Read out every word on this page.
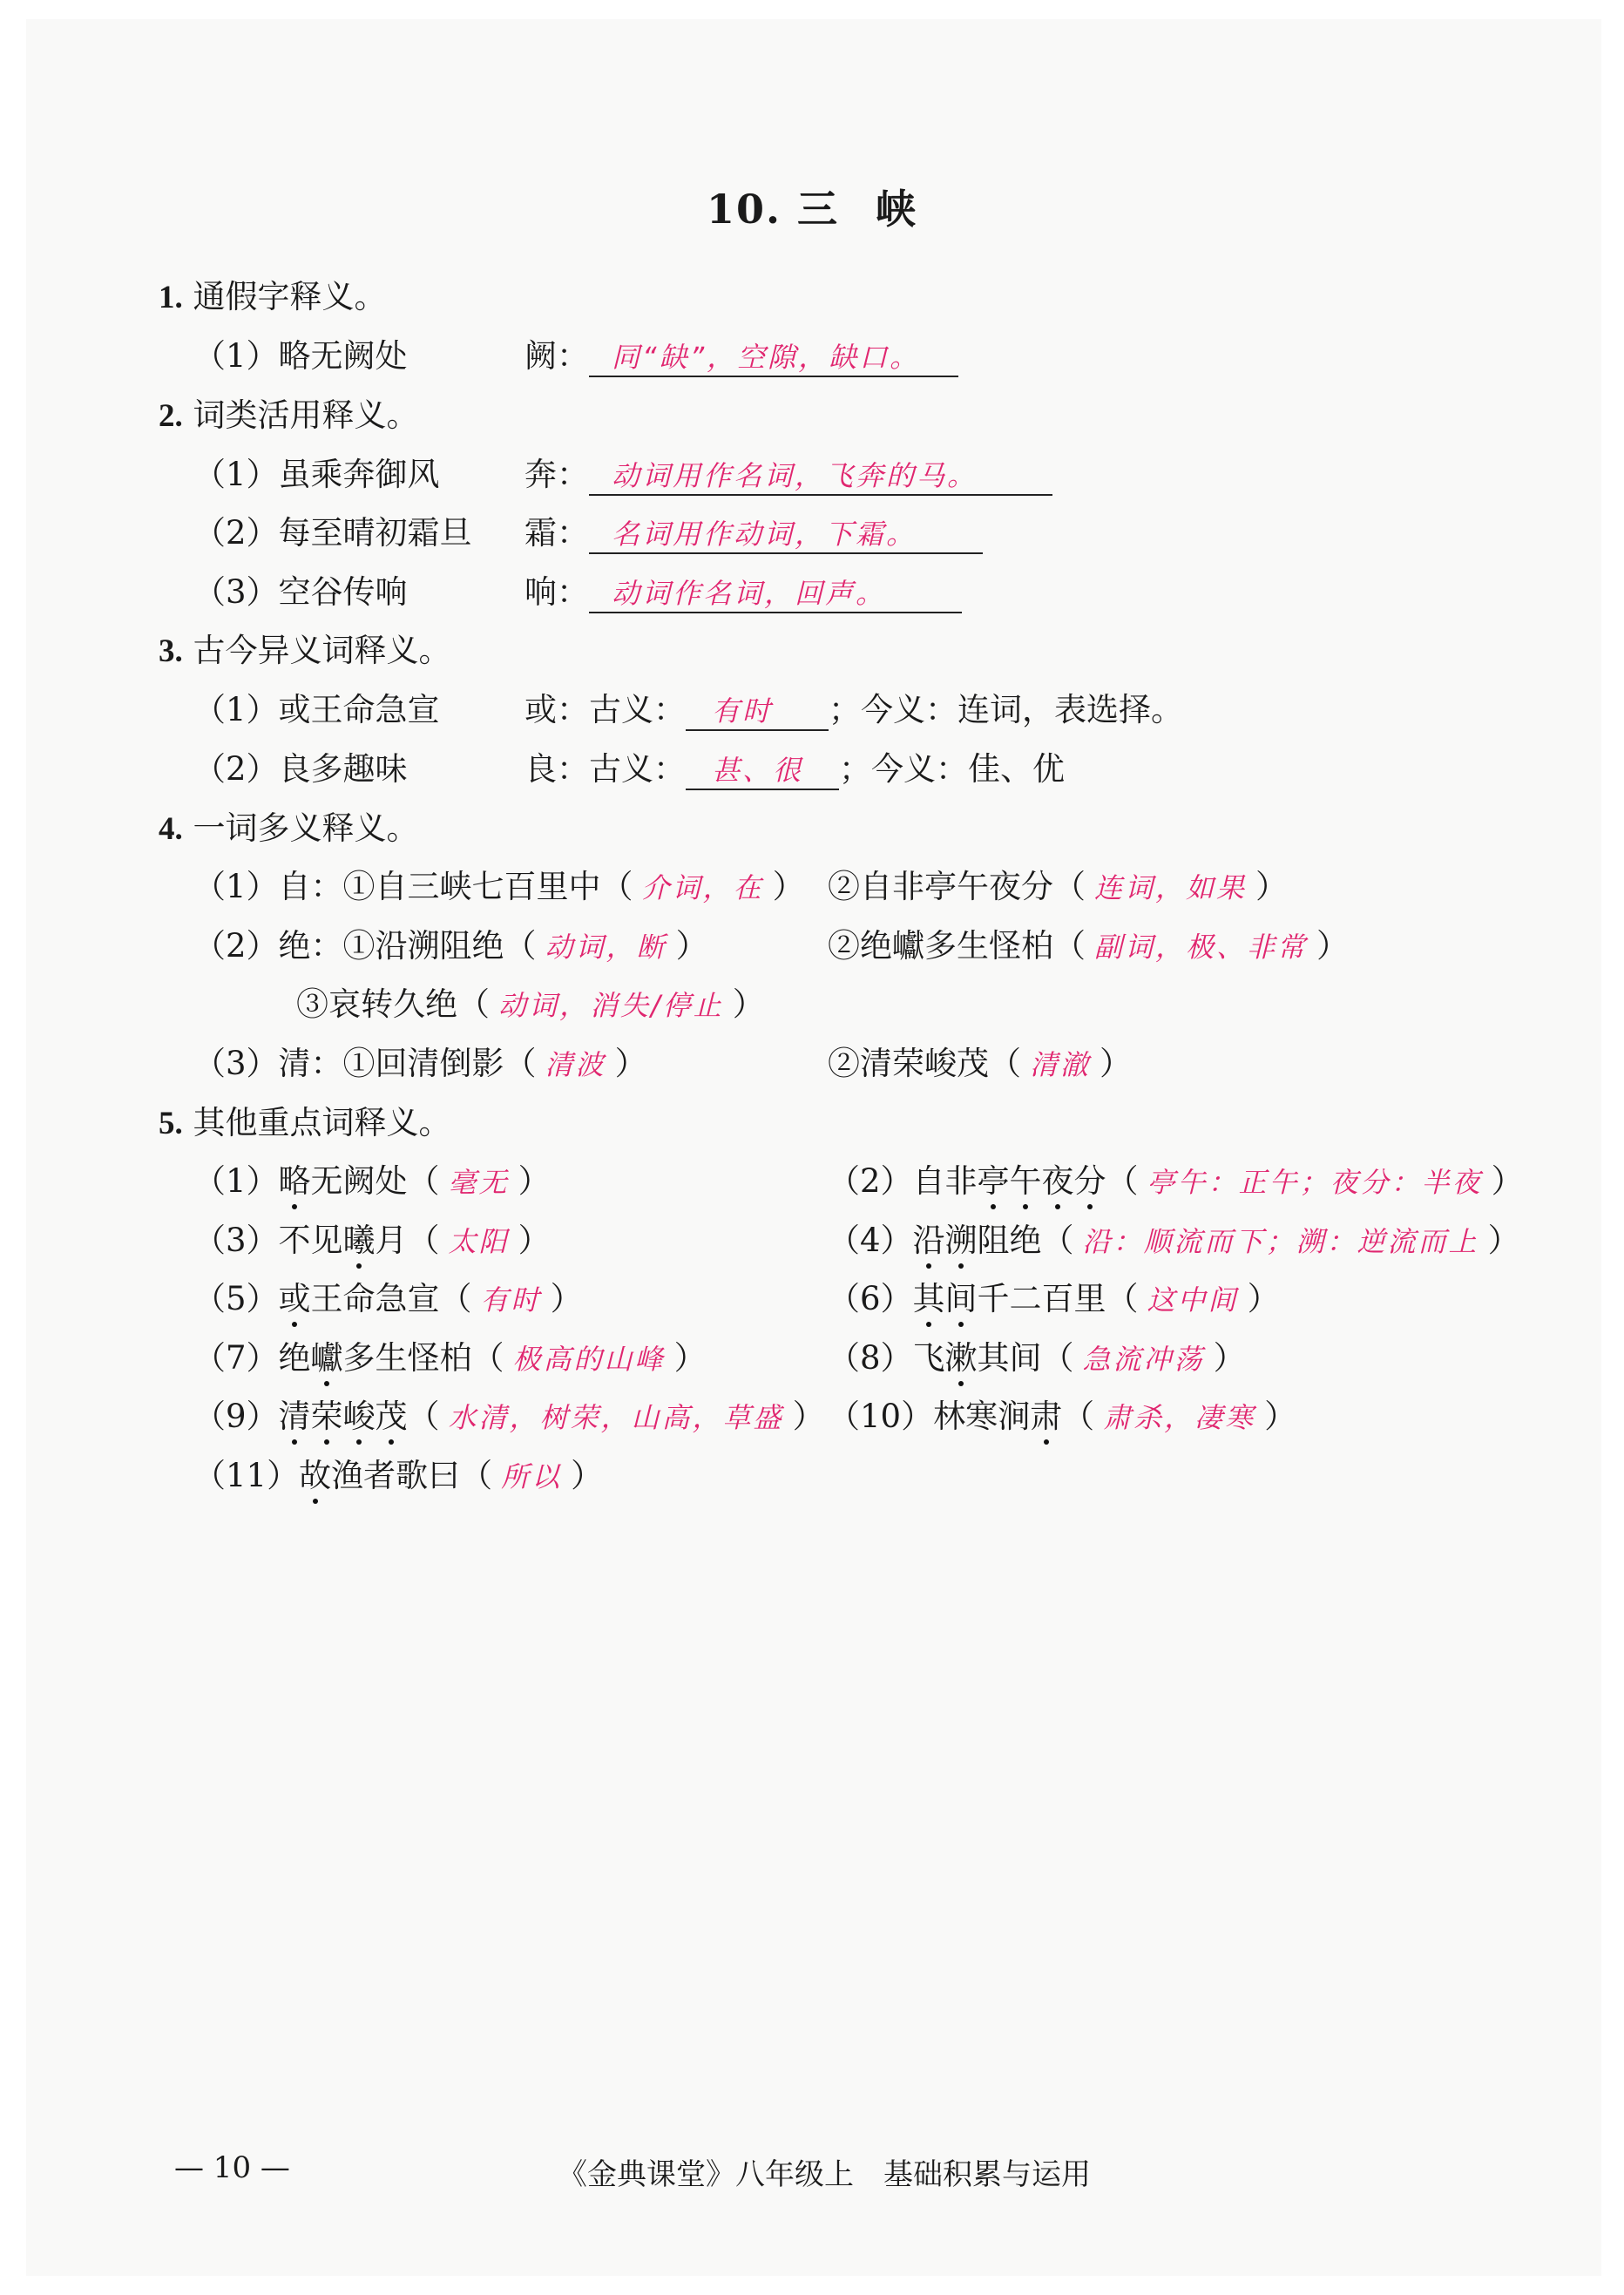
10. 三 峡
1. 通假字释义。
（1）略无阙处	阙： 同“缺”，空隙，缺口。
2. 词类活用释义。
（1）虽乘奔御风	奔： 动词用作名词，飞奔的马。
（2）每至晴初霜旦 霜： 名词用作动词，下霜。
（3）空谷传响	响： 动词作名词，回声。
3. 古今异义词释义。
（1）或王命急宣	或：古义： 有时 ；今义：连词，表选择。
（2）良多趣味	良：古义： 甚、很 ；今义：佳、优
4. 一词多义释义。
（1）自：①自三峡七百里中（ 介词，在 ） ②自非亭午夜分（ 连词，如果 ）
（2）绝：①沿溯阻绝（ 动词，断 ）	②绝巘多生怪柏（ 副词，极、非常 ）
③哀转久绝（ 动词，消失/停止 ）
（3）清：①回清倒影（ 清波 ）	②清荣峻茂（ 清澈 ）
5. 其他重点词释义。
（1）略无阙处（ 毫无 ）	（2）自非亭午夜分（ 亭午：正午；夜分：半夜 ）
（3）不见曦月（ 太阳 ）	（4）沿溯阻绝（ 沿：顺流而下；溯：逆流而上 ）
（5）或王命急宣（ 有时 ）	（6）其间千二百里（ 这中间 ）
（7）绝巘多生怪柏（ 极高的山峰 ）	（8）飞漱其间（ 急流冲荡 ）
（9）清荣峻茂（ 水清，树荣，山高，草盛 ） （10）林寒涧肃（ 肃杀，凄寒 ）
（11）故渔者歌曰（ 所以 ）
— 10 —	《金典课堂》八年级上　基础积累与运用
